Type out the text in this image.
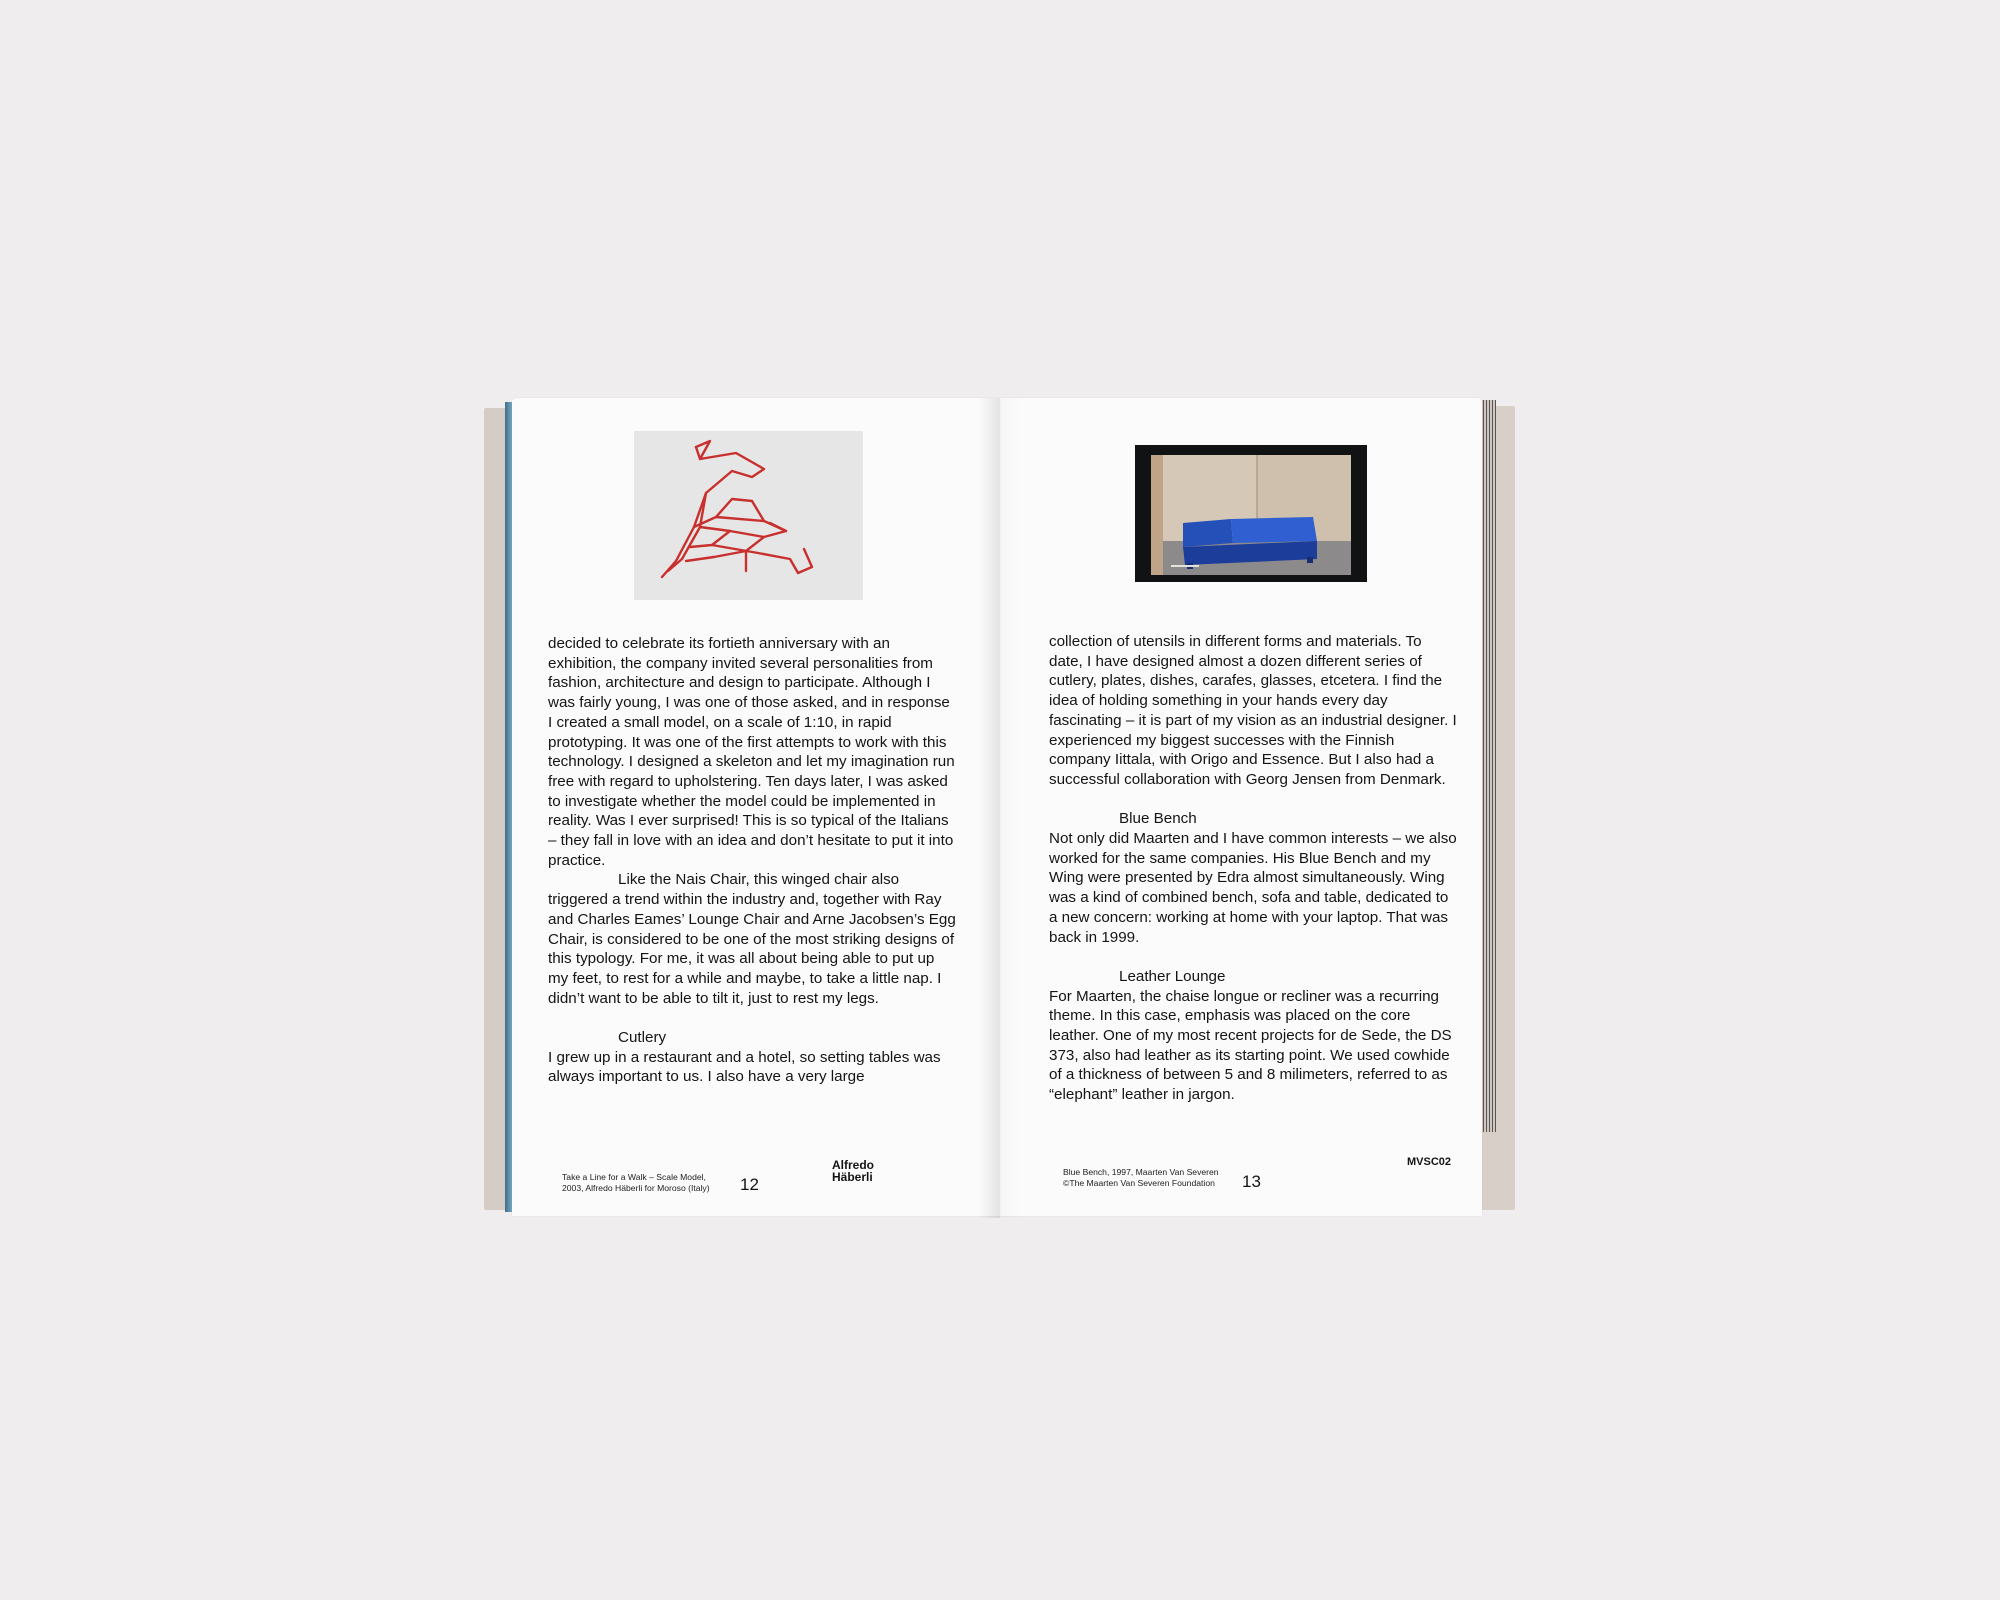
decided to celebrate its fortieth anniversary with an exhibition, the company invited several personalities from fashion, architecture and design to participate. Although I was fairly young, I was one of those asked, and in response I created a small model, on a scale of 1:10, in rapid prototyping. It was one of the first attempts to work with this technology. I designed a skeleton and let my imagination run free with regard to upholstering. Ten days later, I was asked to investigate whether the model could be implemented in reality. Was I ever surprised! This is so typical of the Italians – they fall in love with an idea and don’t hesitate to put it into practice.

Like the Nais Chair, this winged chair also triggered a trend within the industry and, together with Ray and Charles Eames’ Lounge Chair and Arne Jacobsen’s Egg Chair, is considered to be one of the most striking designs of this typology. For me, it was all about being able to put up my feet, to rest for a while and maybe, to take a little nap. I didn’t want to be able to tilt it, just to rest my legs.

Cutlery

I grew up in a restaurant and a hotel, so setting tables was always important to us. I also have a very large

collection of utensils in different forms and materials. To date, I have designed almost a dozen different series of cutlery, plates, dishes, carafes, glasses, etcetera. I find the idea of holding something in your hands every day fascinating – it is part of my vision as an industrial designer. I experienced my biggest successes with the Finnish company Iittala, with Origo and Essence. But I also had a successful collaboration with Georg Jensen from Denmark.

Blue Bench

Not only did Maarten and I have common interests – we also worked for the same companies. His Blue Bench and my Wing were presented by Edra almost simultaneously. Wing was a kind of combined bench, sofa and table, dedicated to a new concern: working at home with your laptop. That was back in 1999.

Leather Lounge

For Maarten, the chaise longue or recliner was a recurring theme. In this case, emphasis was placed on the core leather. One of my most recent projects for de Sede, the DS 373, also had leather as its starting point. We used cowhide of a thickness of between 5 and 8 milimeters, referred to as “elephant” leather in jargon.

Take a Line for a Walk – Scale Model,
2003, Alfredo Häberli for Moroso (Italy) 12
Alfredo
Häberli	Blue Bench, 1997, Maarten Van Severen
©The Maarten Van Severen Foundation 13
MVSC02
